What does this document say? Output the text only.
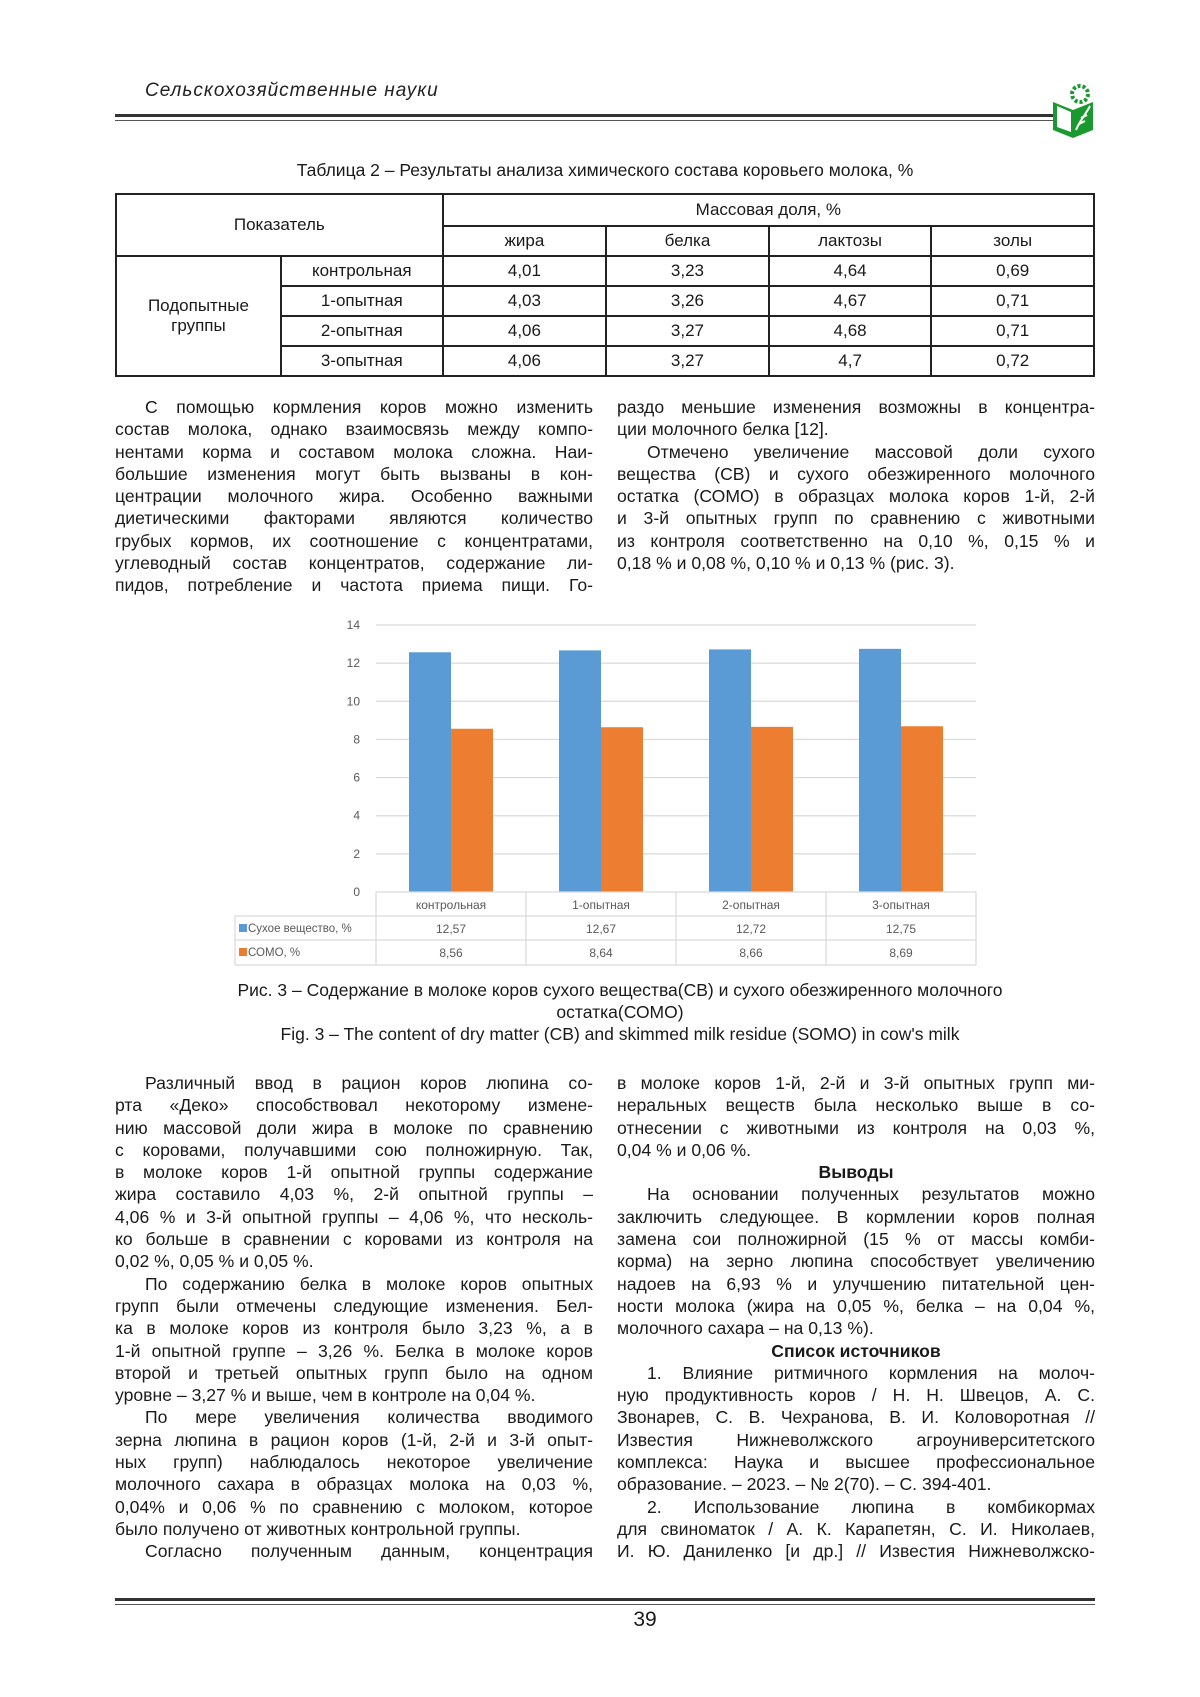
Сельскохозяйственные науки
Таблица 2 – Результаты анализа химического состава коровьего молока, %
Показатель		Массовая доля, %			
		жира	белка	лактозы	золы
Подопытные группы	контрольная	4,01	3,23	4,64	0,69
	1-опытная	4,03	3,26	4,67	0,71
	2-опытная	4,06	3,27	4,68	0,71
	3-опытная	4,06	3,27	4,7	0,72
С помощью кормления коров можно изменить
состав молока, однако взаимосвязь между компо-
нентами корма и составом молока сложна. Наи-
большие изменения могут быть вызваны в кон-
центрации молочного жира. Особенно важными
диетическими факторами являются количество
грубых кормов, их соотношение с концентратами,
углеводный состав концентратов, содержание ли-
пидов, потребление и частота приема пищи. Го-
раздо меньшие изменения возможны в концентра-
ции молочного белка [12].
Отмечено увеличение массовой доли сухого
вещества (СВ) и сухого обезжиренного молочного
остатка (СОМО) в образцах молока коров 1-й, 2-й
и 3-й опытных групп по сравнению с животными
из контроля соответственно на 0,10 %, 0,15 % и
0,18 % и 0,08 %, 0,10 % и 0,13 % (рис. 3).
0
2
4
6
8
10
12
14
контрольная
12,57
8,56
1-опытная
12,67
8,64
2-опытная
12,72
8,66
3-опытная
12,75
8,69
Сухое вещество, %
СОМО, %
Рис. 3 – Содержание в молоке коров сухого вещества(СВ) и сухого обезжиренного молочного
остатка(СОМО)
Fig. 3 – The content of dry matter (CB) and skimmed milk residue (SOMO) in cow's milk
Различный ввод в рацион коров люпина со-
рта «Деко» способствовал некоторому измене-
нию массовой доли жира в молоке по сравнению
с коровами, получавшими сою полножирную. Так,
в молоке коров 1-й опытной группы содержание
жира составило 4,03 %, 2-й опытной группы –
4,06 % и 3-й опытной группы – 4,06 %, что несколь-
ко больше в сравнении с коровами из контроля на
0,02 %, 0,05 % и 0,05 %.
По содержанию белка в молоке коров опытных
групп были отмечены следующие изменения. Бел-
ка в молоке коров из контроля было 3,23 %, а в
1-й опытной группе – 3,26 %. Белка в молоке коров
второй и третьей опытных групп было на одном
уровне – 3,27 % и выше, чем в контроле на 0,04 %.
По мере увеличения количества вводимого
зерна люпина в рацион коров (1-й, 2-й и 3-й опыт-
ных групп) наблюдалось некоторое увеличение
молочного сахара в образцах молока на 0,03 %,
0,04% и 0,06 % по сравнению с молоком, которое
было получено от животных контрольной группы.
Согласно полученным данным, концентрация
в молоке коров 1-й, 2-й и 3-й опытных групп ми-
неральных веществ была несколько выше в со-
отнесении с животными из контроля на 0,03 %,
0,04 % и 0,06 %.
Выводы
На основании полученных результатов можно
заключить следующее. В кормлении коров полная
замена сои полножирной (15 % от массы комби-
корма) на зерно люпина способствует увеличению
надоев на 6,93 % и улучшению питательной цен-
ности молока (жира на 0,05 %, белка – на 0,04 %,
молочного сахара – на 0,13 %).
Список источников
1. Влияние ритмичного кормления на молоч-
ную продуктивность коров / Н. Н. Швецов, А. С.
Звонарев, С. В. Чехранова, В. И. Коловоротная //
Известия Нижневолжского агроуниверситетского
комплекса: Наука и высшее профессиональное
образование. – 2023. – № 2(70). – С. 394-401.
2. Использование люпина в комбикормах
для свиноматок / А. К. Карапетян, С. И. Николаев,
И. Ю. Даниленко [и др.] // Известия Нижневолжско-
39
